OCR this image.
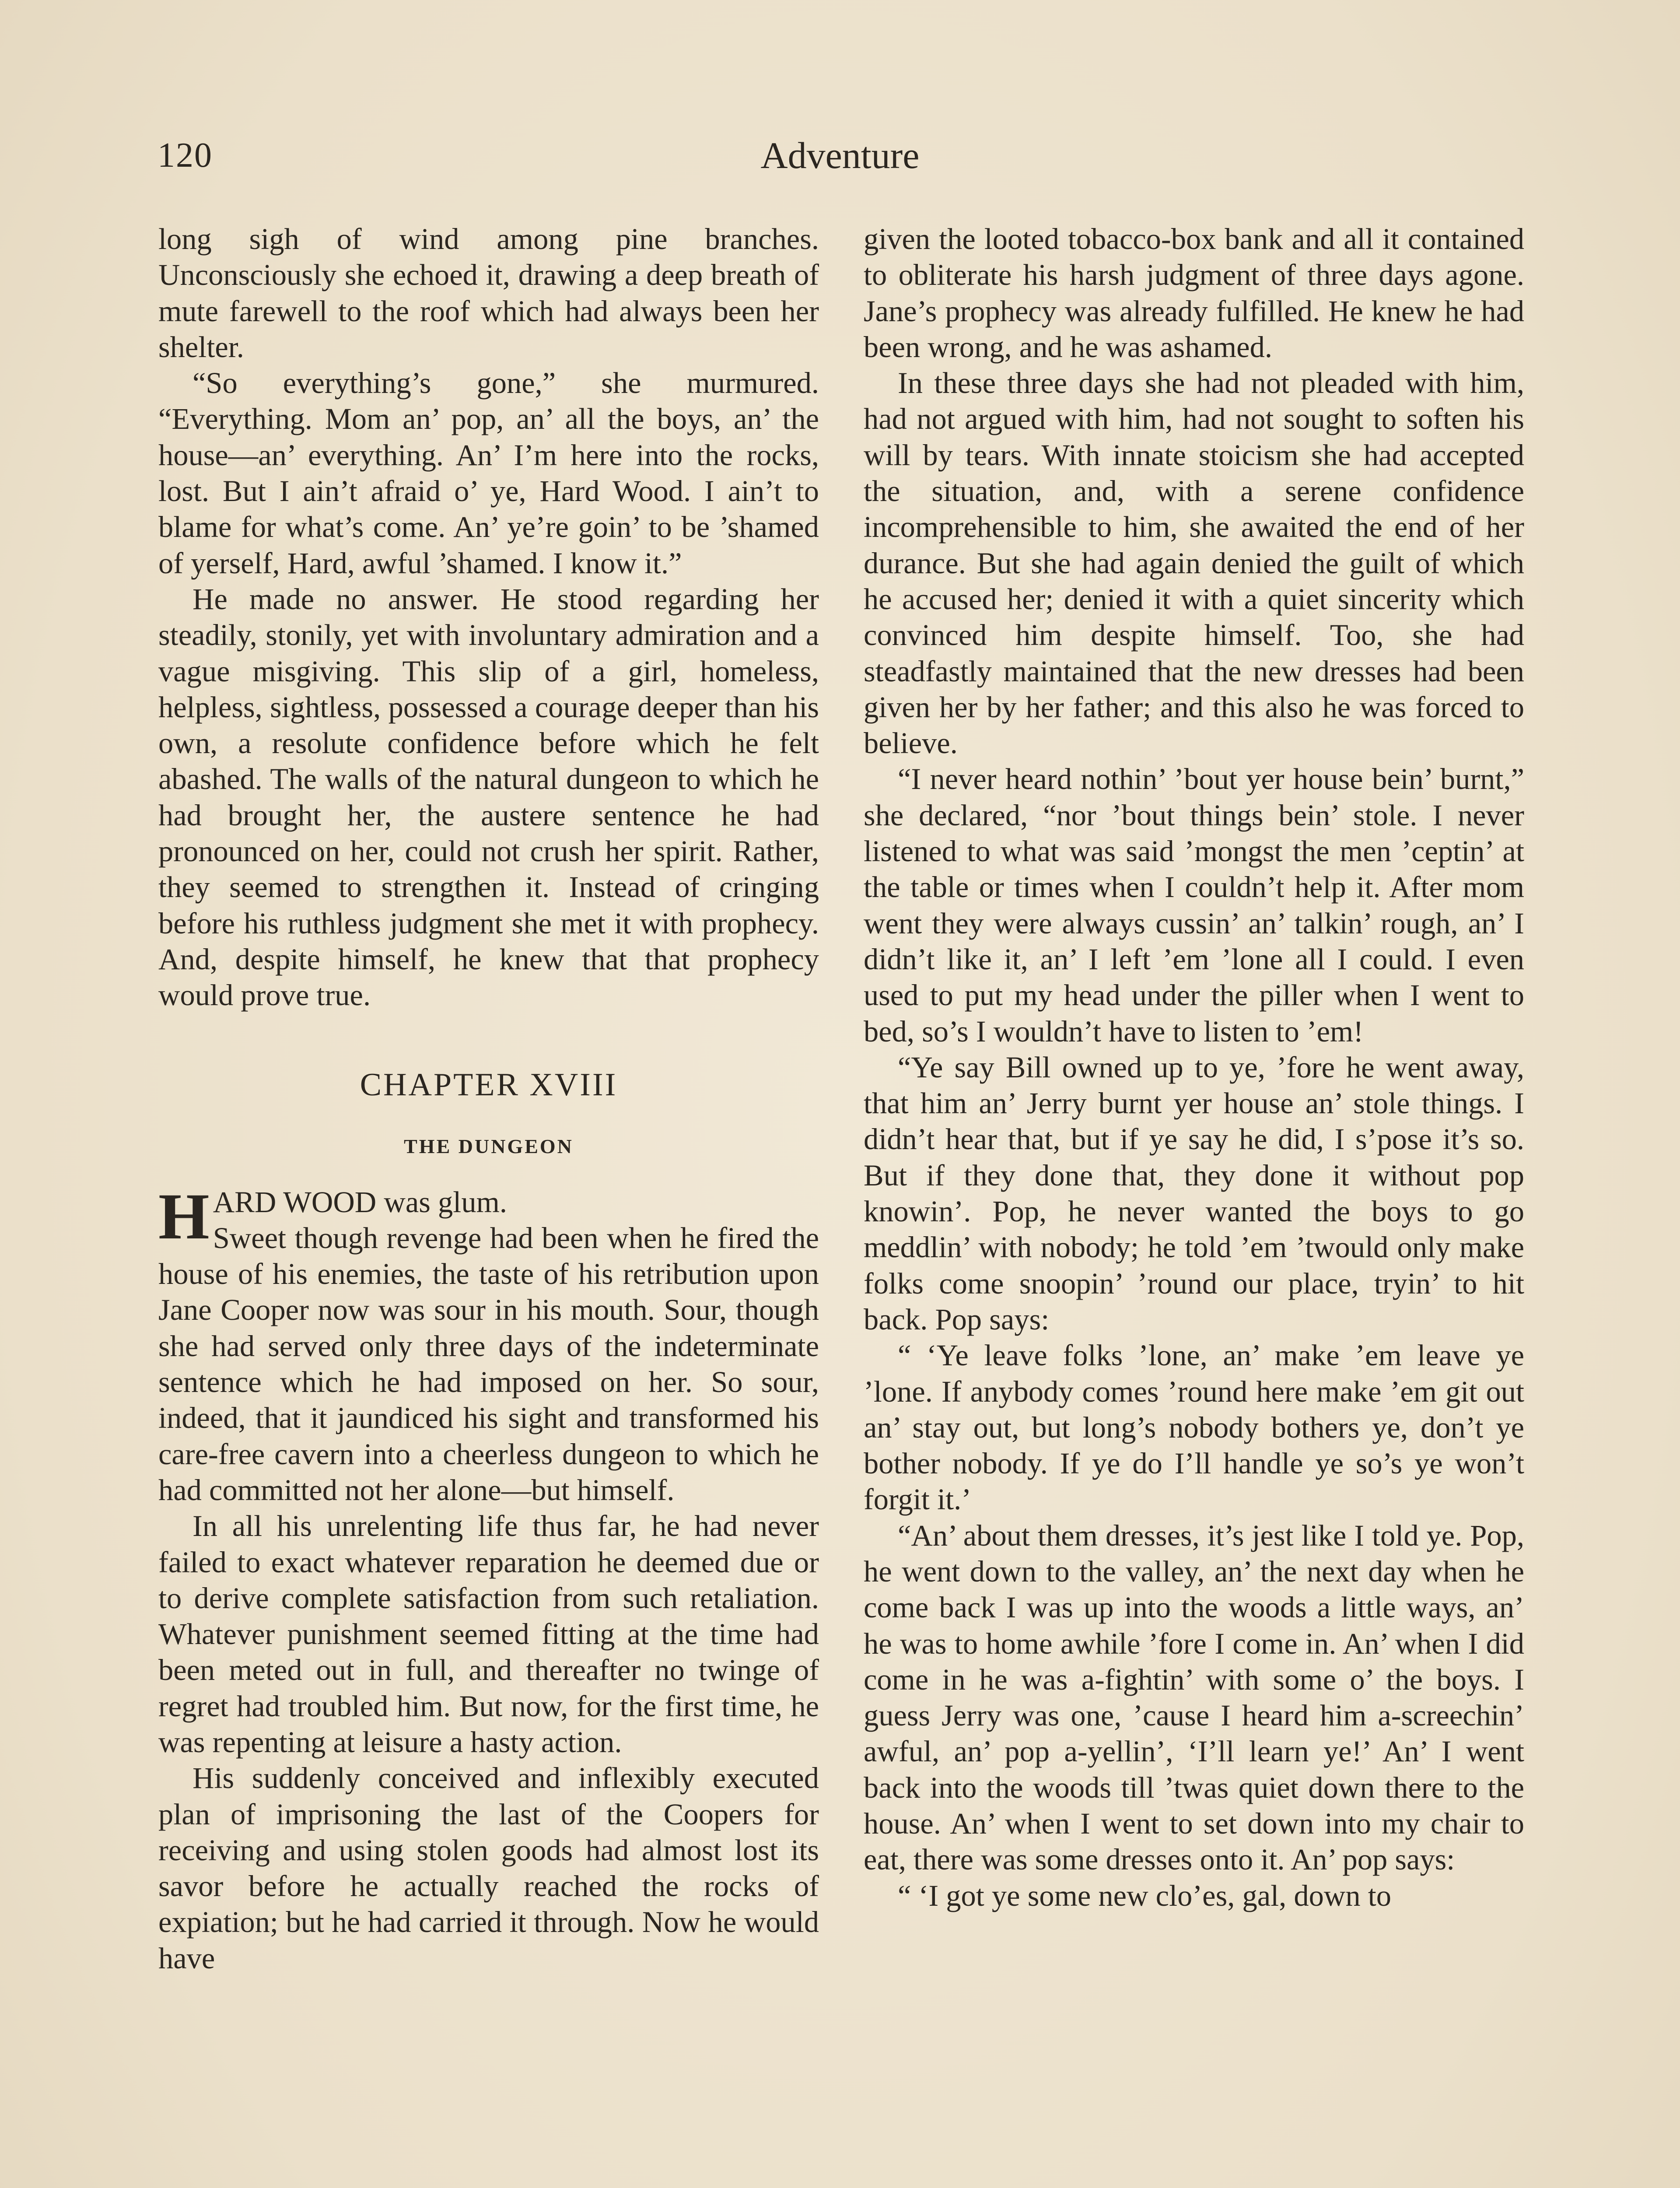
120	Adventure

long sigh of wind among pine branches. Unconsciously she echoed it, drawing a deep breath of mute farewell to the roof which had always been her shelter.

“So everything’s gone,” she murmured. “Everything. Mom an’ pop, an’ all the boys, an’ the house—an’ everything. An’ I’m here into the rocks, lost. But I ain’t afraid o’ ye, Hard Wood. I ain’t to blame for what’s come. An’ ye’re goin’ to be ’shamed of yerself, Hard, awful ’shamed. I know it.”

He made no answer. He stood regarding her steadily, stonily, yet with involuntary admiration and a vague misgiving. This slip of a girl, homeless, helpless, sightless, possessed a courage deeper than his own, a resolute confidence before which he felt abashed. The walls of the natural dungeon to which he had brought her, the austere sentence he had pronounced on her, could not crush her spirit. Rather, they seemed to strengthen it. Instead of cringing before his ruthless judgment she met it with prophecy. And, despite himself, he knew that that prophecy would prove true.

CHAPTER XVIII
THE DUNGEON

HARD WOOD was glum.
Sweet though revenge had been when he fired the house of his enemies, the taste of his retribution upon Jane Cooper now was sour in his mouth. Sour, though she had served only three days of the indeterminate sentence which he had imposed on her. So sour, indeed, that it jaundiced his sight and transformed his care-free cavern into a cheerless dungeon to which he had committed not her alone—but himself.

In all his unrelenting life thus far, he had never failed to exact whatever reparation he deemed due or to derive complete satisfaction from such retaliation. Whatever punishment seemed fitting at the time had been meted out in full, and thereafter no twinge of regret had troubled him. But now, for the first time, he was repenting at leisure a hasty action.

His suddenly conceived and inflexibly executed plan of imprisoning the last of the Coopers for receiving and using stolen goods had almost lost its savor before he actually reached the rocks of expiation; but he had carried it through. Now he would have

given the looted tobacco-box bank and all it contained to obliterate his harsh judgment of three days agone. Jane’s prophecy was already fulfilled. He knew he had been wrong, and he was ashamed.

In these three days she had not pleaded with him, had not argued with him, had not sought to soften his will by tears. With innate stoicism she had accepted the situation, and, with a serene confidence incomprehensible to him, she awaited the end of her durance. But she had again denied the guilt of which he accused her; denied it with a quiet sincerity which convinced him despite himself. Too, she had steadfastly maintained that the new dresses had been given her by her father; and this also he was forced to believe.

“I never heard nothin’ ’bout yer house bein’ burnt,” she declared, “nor ’bout things bein’ stole. I never listened to what was said ’mongst the men ’ceptin’ at the table or times when I couldn’t help it. After mom went they were always cussin’ an’ talkin’ rough, an’ I didn’t like it, an’ I left ’em ’lone all I could. I even used to put my head under the piller when I went to bed, so’s I wouldn’t have to listen to ’em!

“Ye say Bill owned up to ye, ’fore he went away, that him an’ Jerry burnt yer house an’ stole things. I didn’t hear that, but if ye say he did, I s’pose it’s so. But if they done that, they done it without pop knowin’. Pop, he never wanted the boys to go meddlin’ with nobody; he told ’em ’twould only make folks come snoopin’ ’round our place, tryin’ to hit back. Pop says:

“ ‘Ye leave folks ’lone, an’ make ’em leave ye ’lone. If anybody comes ’round here make ’em git out an’ stay out, but long’s nobody bothers ye, don’t ye bother nobody. If ye do I’ll handle ye so’s ye won’t forgit it.’

“An’ about them dresses, it’s jest like I told ye. Pop, he went down to the valley, an’ the next day when he come back I was up into the woods a little ways, an’ he was to home awhile ’fore I come in. An’ when I did come in he was a-fightin’ with some o’ the boys. I guess Jerry was one, ’cause I heard him a-screechin’ awful, an’ pop a-yellin’, ‘I’ll learn ye!’ An’ I went back into the woods till ’twas quiet down there to the house. An’ when I went to set down into my chair to eat, there was some dresses onto it. An’ pop says:

“ ‘I got ye some new clo’es, gal, down to
